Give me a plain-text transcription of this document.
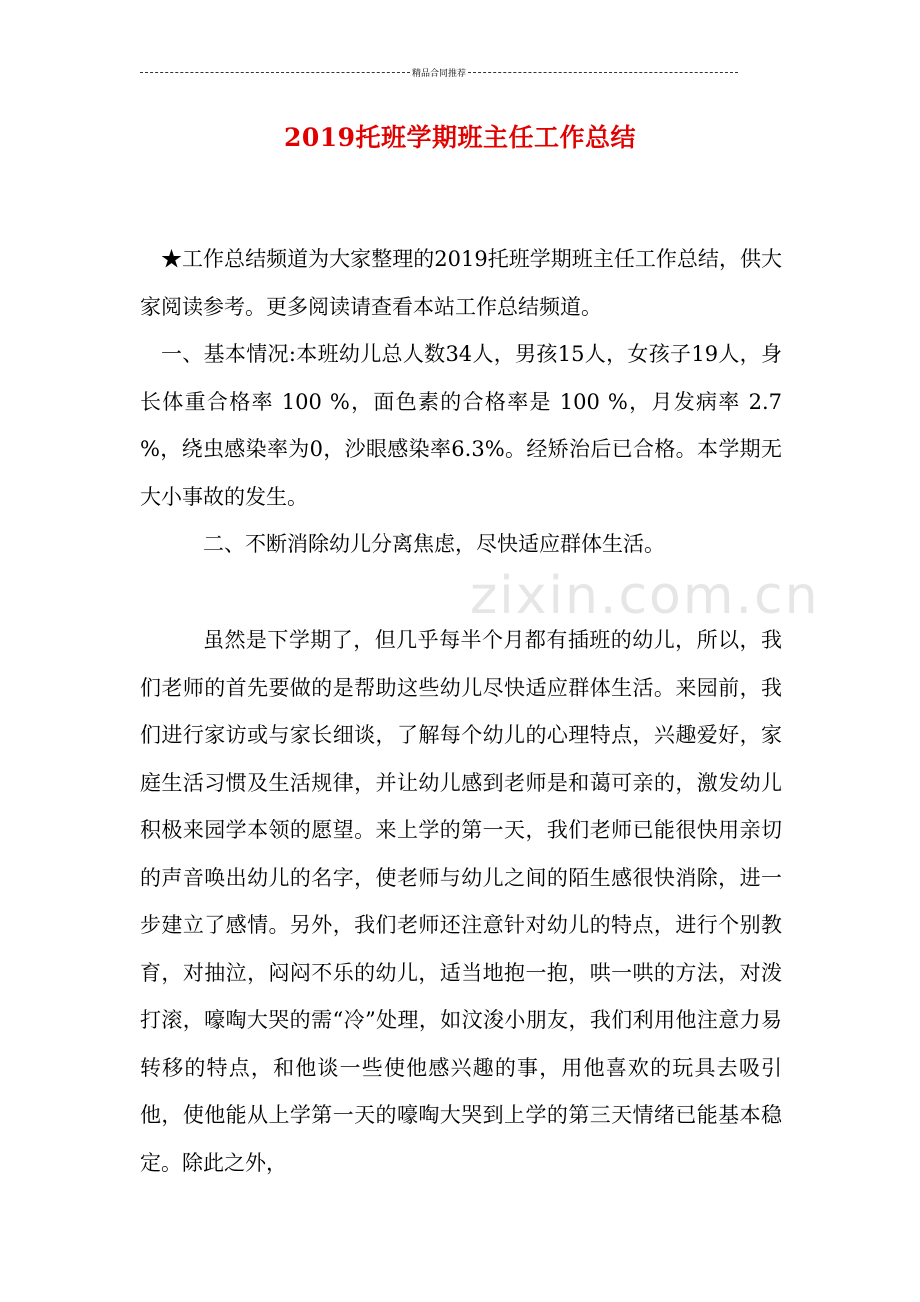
精品合同推荐
2019托班学期班主任工作总结
zixin.com.cn

★工作总结频道为大家整理的2019托班学期班主任工作总结，供大家阅读参考。更多阅读请查看本站工作总结频道。

一、基本情况:本班幼儿总人数34人，男孩15人，女孩子19人，身长体重合格率 100 %，面色素的合格率是 100 %，月发病率 2.7 %，绕虫感染率为0，沙眼感染率6.3%。经矫治后已合格。本学期无大小事故的发生。

二、不断消除幼儿分离焦虑，尽快适应群体生活。

虽然是下学期了，但几乎每半个月都有插班的幼儿，所以，我们老师的首先要做的是帮助这些幼儿尽快适应群体生活。来园前，我们进行家访或与家长细谈，了解每个幼儿的心理特点，兴趣爱好，家庭生活习惯及生活规律，并让幼儿感到老师是和蔼可亲的，激发幼儿积极来园学本领的愿望。来上学的第一天，我们老师已能很快用亲切的声音唤出幼儿的名字，使老师与幼儿之间的陌生感很快消除，进一步建立了感情。另外，我们老师还注意针对幼儿的特点，进行个别教育，对抽泣，闷闷不乐的幼儿，适当地抱一抱，哄一哄的方法，对泼打滚，嚎啕大哭的需“冷”处理，如汶浚小朋友，我们利用他注意力易转移的特点，和他谈一些使他感兴趣的事，用他喜欢的玩具去吸引他，使他能从上学第一天的嚎啕大哭到上学的第三天情绪已能基本稳定。除此之外，
